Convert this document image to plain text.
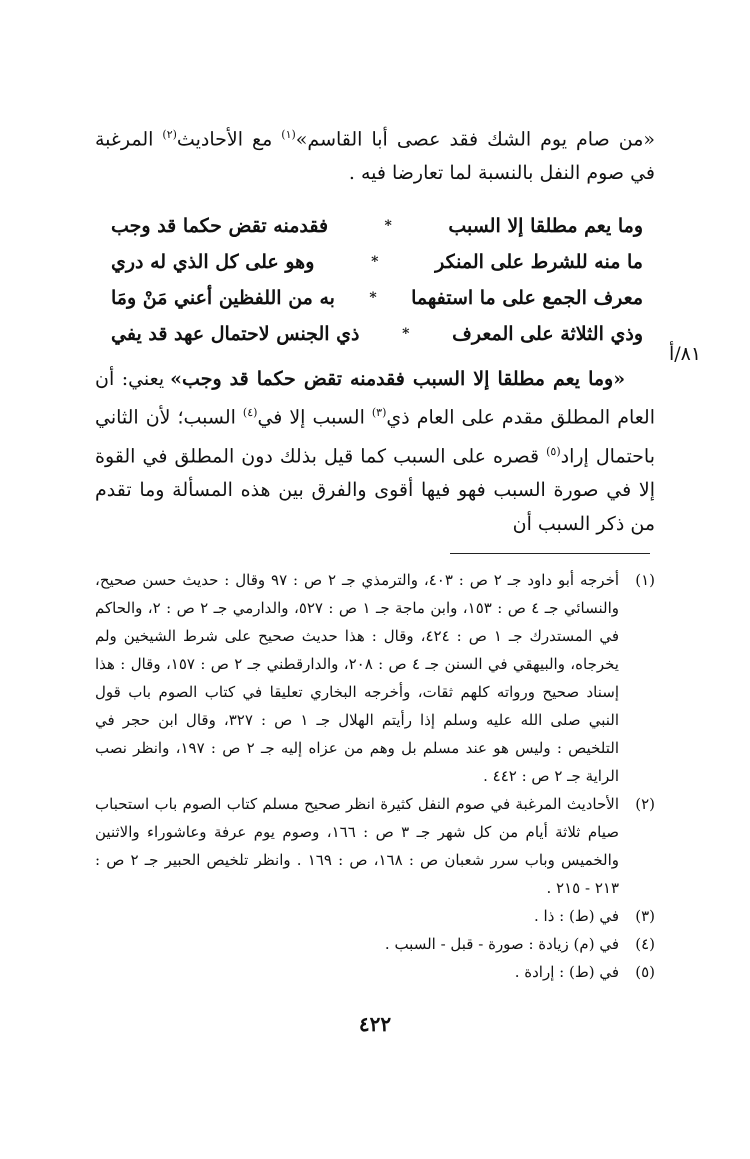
٨١/أ

«من صام يوم الشك فقد عصى أبا القاسم»$^{(١)}$ مع الأحاديث$^{(٢)}$ المرغبة في صوم النفل بالنسبة لما تعارضا فيه .

وما يعم مطلقا إلا السبب
*
فقدمنه تقض حكما قد وجب
ما منه للشرط على المنكر
*
وهو على كل الذي له دري
معرف الجمع على ما استفهما
*
به من اللفظين أعني مَنْ ومَا
وذي الثلاثة على المعرف
*
ذي الجنس لاحتمال عهد قد يفي

«وما يعم مطلقا إلا السبب فقدمنه تقض حكما قد وجب» يعني: أن العام المطلق مقدم على العام ذي$^{(٣)}$ السبب إلا في$^{(٤)}$ السبب؛ لأن الثاني باحتمال إراد$^{(٥)}$ قصره على السبب كما قيل بذلك دون المطلق في القوة إلا في صورة السبب فهو فيها أقوى والفرق بين هذه المسألة وما تقدم من ذكر السبب أن

(١)
أخرجه أبو داود جـ ٢ ص : ٤٠٣، والترمذي جـ ٢ ص : ٩٧ وقال : حديث حسن صحيح، والنسائي جـ ٤ ص : ١٥٣، وابن ماجة جـ ١ ص : ٥٢٧، والدارمي جـ ٢ ص : ٢، والحاكم في المستدرك جـ ١ ص : ٤٢٤، وقال : هذا حديث صحيح على شرط الشيخين ولم يخرجاه، والبيهقي في السنن جـ ٤ ص : ٢٠٨، والدارقطني جـ ٢ ص : ١٥٧، وقال : هذا إسناد صحيح ورواته كلهم ثقات، وأخرجه البخاري تعليقا في كتاب الصوم باب قول النبي صلى الله عليه وسلم إذا رأيتم الهلال جـ ١ ص : ٣٢٧، وقال ابن حجر في التلخيص : وليس هو عند مسلم بل وهم من عزاه إليه جـ ٢ ص : ١٩٧، وانظر نصب الراية جـ ٢ ص : ٤٤٢ .
(٢)
الأحاديث المرغبة في صوم النفل كثيرة انظر صحيح مسلم كتاب الصوم باب استحباب صيام ثلاثة أيام من كل شهر جـ ٣ ص : ١٦٦، وصوم يوم عرفة وعاشوراء والاثنين والخميس وباب سرر شعبان ص : ١٦٨، ص : ١٦٩ . وانظر تلخيص الحبير جـ ٢ ص : ٢١٣ - ٢١٥ .
(٣)
في (ط) : ذا .
(٤)
في (م) زيادة : صورة - قبل - السبب .
(٥)
في (ط) : إرادة .
٤٢٢
